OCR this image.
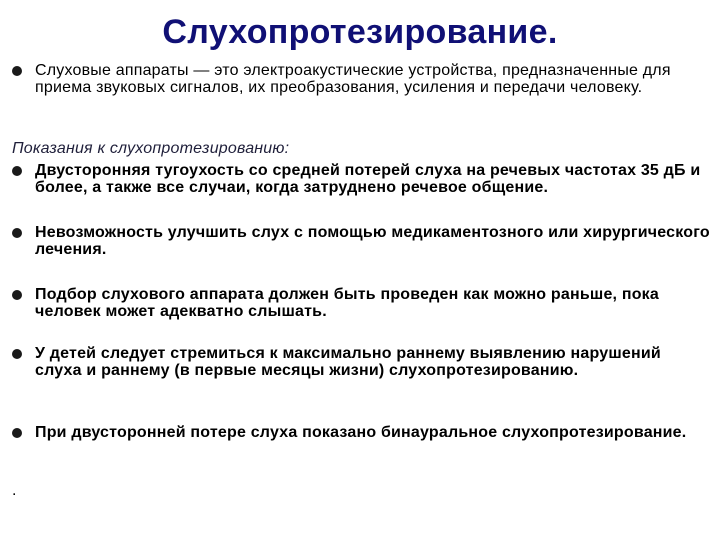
Слухопротезирование.
Слуховые аппараты — это электроакустические устройства, предназначенные для приема звуковых сигналов, их преобразования, усиления и передачи человеку.
Показания к слухопротезированию:
Двусторонняя тугоухость со средней потерей слуха на речевых частотах 35 дБ и более, а также все случаи, когда затруднено речевое общение.
Невозможность улучшить слух с помощью медикаментозного или хирургического лечения.
Подбор слухового аппарата должен быть проведен как можно раньше, пока человек может адекватно слышать.
У детей следует стремиться к максимально раннему выявлению нарушений слуха и раннему (в первые месяцы жизни) слухопротезированию.
При двусторонней потере слуха показано бинауральное слухопротезирование.
.
